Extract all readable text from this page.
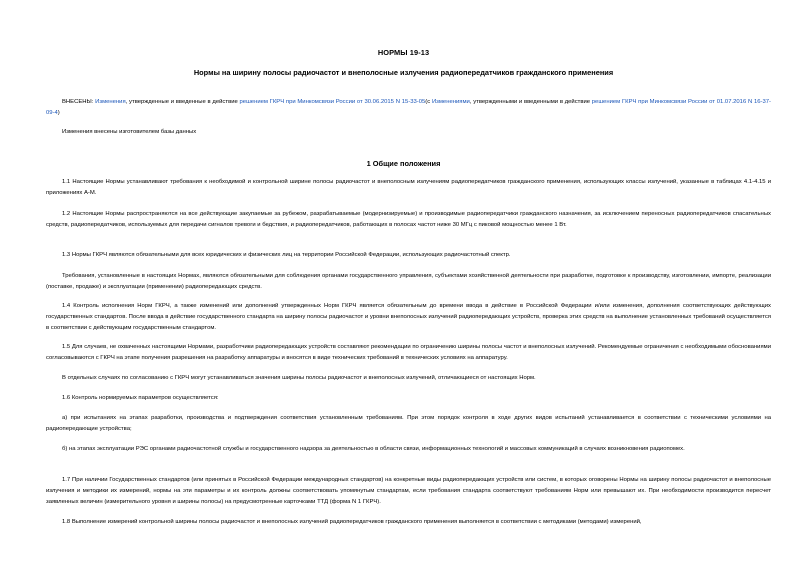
НОРМЫ 19-13
Нормы на ширину полосы радиочастот и внеполосные излучения радиопередатчиков гражданского применения
ВНЕСЕНЫ: Изменения, утвержденные и введенные в действие решением ГКРЧ при Минкомсвязи России от 30.06.2015 N 15-33-05(с Изменениями, утвержденными и введенными в действие решением ГКРЧ при Минкомсвязи России от 01.07.2016 N 16-37-09-4)
Изменения внесены изготовителем базы данных
1 Общие положения
1.1 Настоящие Нормы устанавливают требования к необходимой и контрольной ширине полосы радиочастот и внеполосным излучениям радиопередатчиков гражданского применения, использующих классы излучений, указанные в таблицах 4.1-4.15 и приложениях А-М.
1.2 Настоящие Нормы распространяются на все действующие закупаемые за рубежом, разрабатываемые (модернизируемые) и производимые радиопередатчики гражданского назначения, за исключением переносных радиопередатчиков спасательных средств, радиопередатчиков, используемых для передачи сигналов тревоги и бедствия, и радиопередатчиков, работающих в полосах частот ниже 30 МГц с пиковой мощностью менее 1 Вт.
1.3 Нормы ГКРЧ являются обязательными для всех юридических и физических лиц на территории Российской Федерации, использующих радиочастотный спектр.
Требования, установленные в настоящих Нормах, являются обязательными для соблюдения органами государственного управления, субъектами хозяйственной деятельности при разработке, подготовке к производству, изготовлении, импорте, реализации (поставке, продаже) и эксплуатации (применении) радиопередающих средств.
1.4 Контроль исполнения Норм ГКРЧ, а также изменений или дополнений утвержденных Норм ГКРЧ является обязательным до времени ввода в действие в Российской Федерации и/или изменения, дополнения соответствующих действующих государственных стандартов. После ввода в действие государственного стандарта на ширину полосы радиочастот и уровни внеполосных излучений радиопередающих устройств, проверка этих средств на выполнение установленных требований осуществляется в соответствии с действующим государственным стандартом.
1.5 Для случаев, не охваченных настоящими Нормами, разработчики радиопередающих устройств составляют рекомендации по ограничению ширины полосы частот и внеполосных излучений. Рекомендуемые ограничения с необходимыми обоснованиями согласовываются с ГКРЧ на этапе получения разрешения на разработку аппаратуры и вносятся в виде технических требований в технических условиях на аппаратуру.
В отдельных случаях по согласованию с ГКРЧ могут устанавливаться значения ширины полосы радиочастот и внеполосных излучений, отличающиеся от настоящих Норм.
1.6 Контроль нормируемых параметров осуществляется:
а) при испытаниях на этапах разработки, производства и подтверждения соответствия установленным требованиям. При этом порядок контроля в ходе других видов испытаний устанавливается в соответствии с техническими условиями на радиопередающие устройства;
б) на этапах эксплуатации РЭС органами радиочастотной службы и государственного надзора за деятельностью в области связи, информационных технологий и массовых коммуникаций в случаях возникновения радиопомех.
1.7 При наличии Государственных стандартов (или принятых в Российской Федерации международных стандартов) на конкретные виды радиопередающих устройств или систем, в которых оговорены Нормы на ширину полосы радиочастот и внеполосные излучения и методики их измерений, нормы на эти параметры и их контроль должны соответствовать упомянутым стандартам, если требования стандарта соответствуют требованиям Норм или превышают их. При необходимости производится пересчет заявленных величин (измерительного уровня и ширины полосы) на предусмотренные карточками ТТД (форма N 1 ГКРЧ).
1.8 Выполнение измерений контрольной ширины полосы радиочастот и внеполосных излучений радиопередатчиков гражданского применения выполняется в соответствии с методиками (методами) измерений,
